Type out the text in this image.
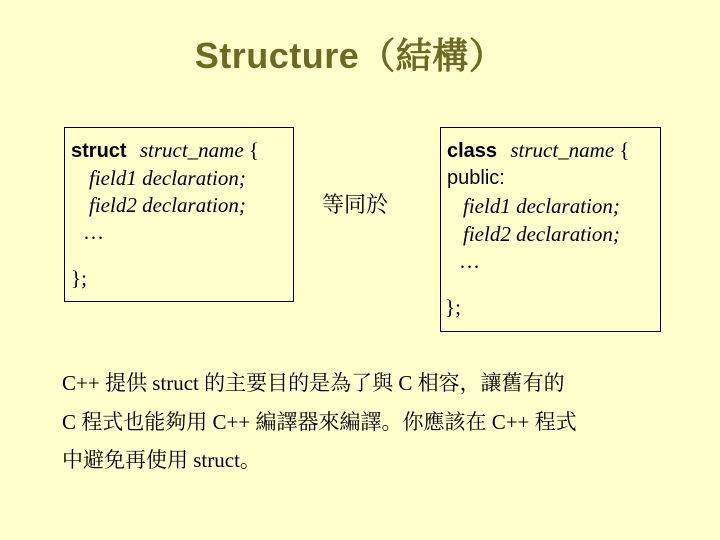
Structure（結構）
struct struct_name {
field1 declaration;
field2 declaration;
…
};
等同於
class struct_name {
public:
field1 declaration;
field2 declaration;
…
};
C++ 提供 struct 的主要目的是為了與 C 相容，讓舊有的
C 程式也能夠用 C++ 編譯器來編譯。你應該在 C++ 程式
中避免再使用 struct。
